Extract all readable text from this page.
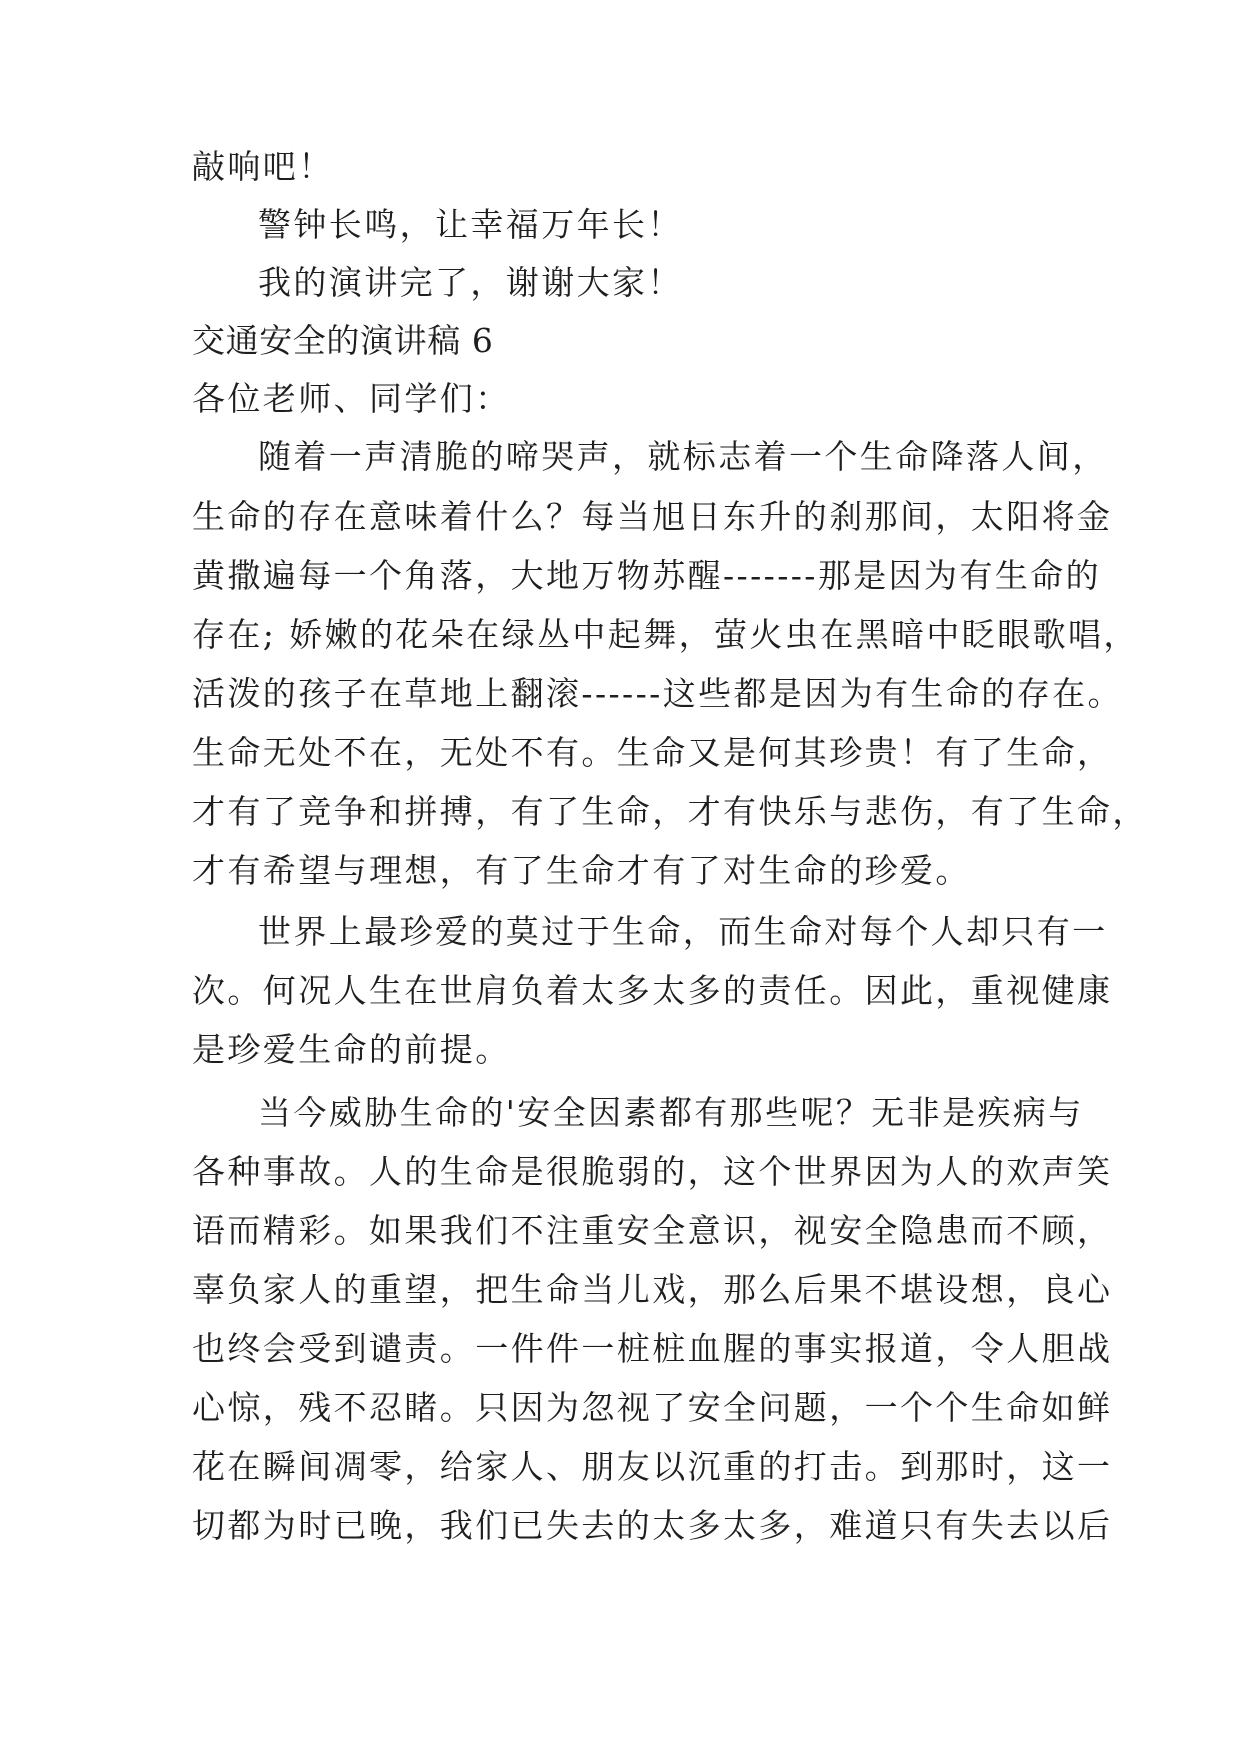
敲响吧！
警钟长鸣，让幸福万年长！
我的演讲完了，谢谢大家！
交通安全的演讲稿 6
各位老师、同学们：
随着一声清脆的啼哭声，就标志着一个生命降落人间，
生命的存在意味着什么？每当旭日东升的刹那间，太阳将金
黄撒遍每一个角落，大地万物苏醒-------那是因为有生命的
存在; 娇嫩的花朵在绿丛中起舞，萤火虫在黑暗中眨眼歌唱，
活泼的孩子在草地上翻滚------这些都是因为有生命的存在。
生命无处不在，无处不有。生命又是何其珍贵！有了生命，
才有了竞争和拼搏，有了生命，才有快乐与悲伤，有了生命，
才有希望与理想，有了生命才有了对生命的珍爱。
世界上最珍爱的莫过于生命，而生命对每个人却只有一
次。何况人生在世肩负着太多太多的责任。因此，重视健康
是珍爱生命的前提。
当今威胁生命的'安全因素都有那些呢？无非是疾病与
各种事故。人的生命是很脆弱的，这个世界因为人的欢声笑
语而精彩。如果我们不注重安全意识，视安全隐患而不顾，
辜负家人的重望，把生命当儿戏，那么后果不堪设想，良心
也终会受到谴责。一件件一桩桩血腥的事实报道，令人胆战
心惊，残不忍睹。只因为忽视了安全问题，一个个生命如鲜
花在瞬间凋零，给家人、朋友以沉重的打击。到那时，这一
切都为时已晚，我们已失去的太多太多，难道只有失去以后
